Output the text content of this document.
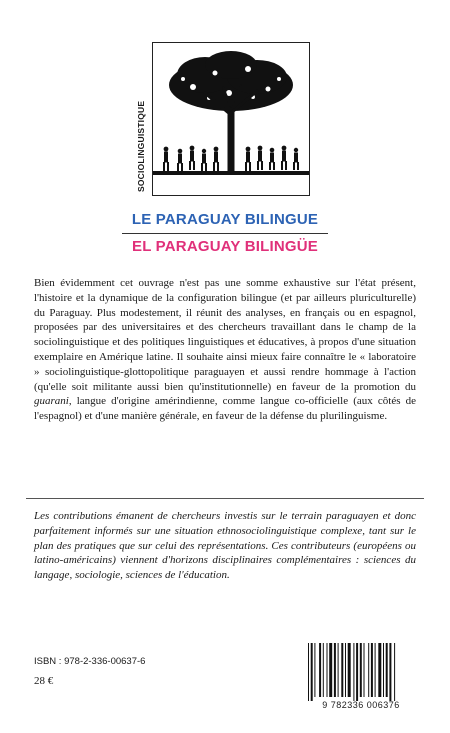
SOCIOLINGUISTIQUE
LE PARAGUAY BILINGUE
EL PARAGUAY BILINGÜE

Bien évidemment cet ouvrage n'est pas une somme exhaustive sur l'état présent, l'histoire et la dynamique de la configuration bilingue (et par ailleurs pluriculturelle) du Paraguay. Plus modestement, il réunit des analyses, en français ou en espagnol, proposées par des universitaires et des chercheurs travaillant dans le champ de la sociolinguistique et des politiques linguistiques et éducatives, à propos d'une situation exemplaire en Amérique latine. Il souhaite ainsi mieux faire connaître le « laboratoire » sociolinguistique-glottopolitique paraguayen et aussi rendre hommage à l'action (qu'elle soit militante aussi bien qu'institutionnelle) en faveur de la promotion du guarani, langue d'origine amérindienne, comme langue co-officielle (aux côtés de l'espagnol) et d'une manière générale, en faveur de la défense du plurilinguisme.

Les contributions émanent de chercheurs investis sur le terrain paraguayen et donc parfaitement informés sur une situation ethnosociolinguistique complexe, tant sur le plan des pratiques que sur celui des représentations. Ces contributeurs (européens ou latino-américains) viennent d'horizons disciplinaires complémentaires : sciences du langage, sociologie, sciences de l'éducation.
ISBN : 978-2-336-00637-6
28 €
9 782336 006376
